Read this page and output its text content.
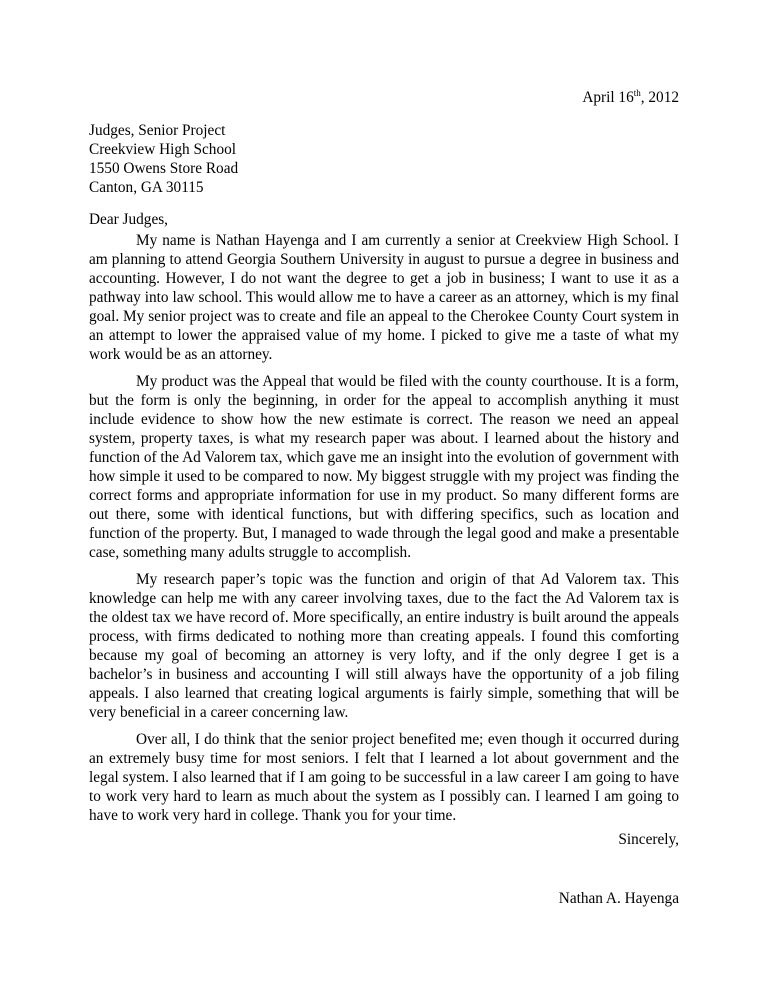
April 16th, 2012

Judges, Senior Project
Creekview High School
1550 Owens Store Road
Canton, GA 30115
Dear Judges,

My name is Nathan Hayenga and I am currently a senior at Creekview High School. I am planning to attend Georgia Southern University in august to pursue a degree in business and accounting. However, I do not want the degree to get a job in business; I want to use it as a pathway into law school. This would allow me to have a career as an attorney, which is my final goal. My senior project was to create and file an appeal to the Cherokee County Court system in an attempt to lower the appraised value of my home. I picked to give me a taste of what my work would be as an attorney.

My product was the Appeal that would be filed with the county courthouse. It is a form, but the form is only the beginning, in order for the appeal to accomplish anything it must include evidence to show how the new estimate is correct. The reason we need an appeal system, property taxes, is what my research paper was about. I learned about the history and function of the Ad Valorem tax, which gave me an insight into the evolution of government with how simple it used to be compared to now. My biggest struggle with my project was finding the correct forms and appropriate information for use in my product. So many different forms are out there, some with identical functions, but with differing specifics, such as location and function of the property. But, I managed to wade through the legal good and make a presentable case, something many adults struggle to accomplish.

My research paper’s topic was the function and origin of that Ad Valorem tax. This knowledge can help me with any career involving taxes, due to the fact the Ad Valorem tax is the oldest tax we have record of. More specifically, an entire industry is built around the appeals process, with firms dedicated to nothing more than creating appeals. I found this comforting because my goal of becoming an attorney is very lofty, and if the only degree I get is a bachelor’s in business and accounting I will still always have the opportunity of a job filing appeals. I also learned that creating logical arguments is fairly simple, something that will be very beneficial in a career concerning law.

Over all, I do think that the senior project benefited me; even though it occurred during an extremely busy time for most seniors. I felt that I learned a lot about government and the legal system. I also learned that if I am going to be successful in a law career I am going to have to work very hard to learn as much about the system as I possibly can. I learned I am going to have to work very hard in college. Thank you for your time.

Sincerely,
Nathan A. Hayenga
